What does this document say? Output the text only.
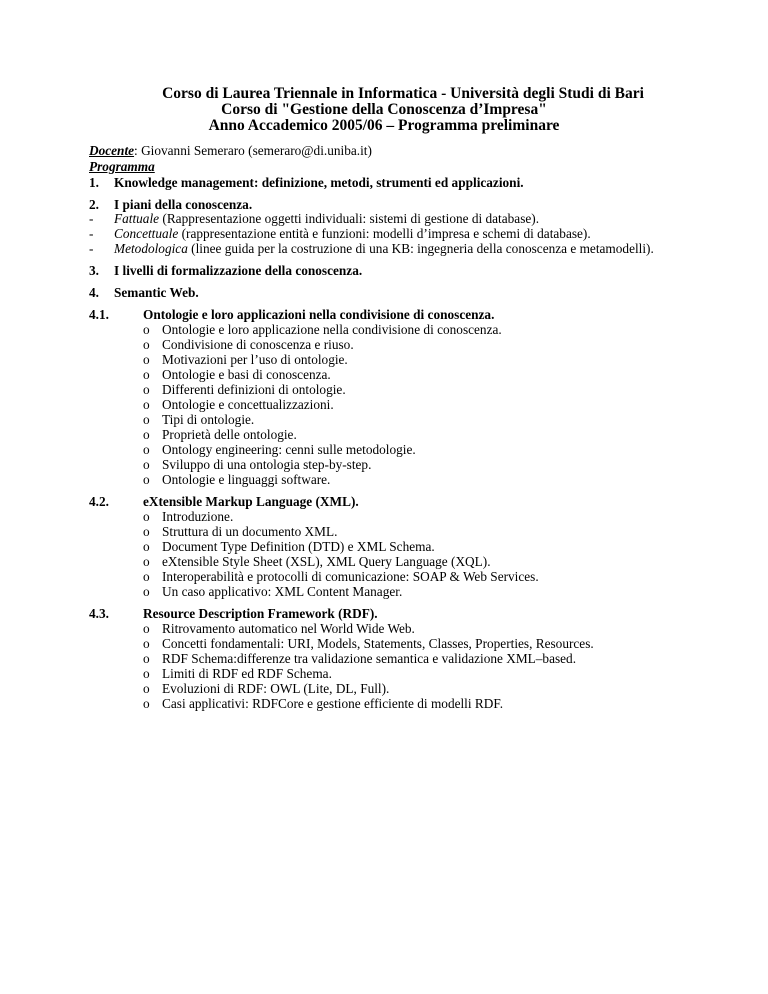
Corso di Laurea Triennale in Informatica - Università degli Studi di Bari
Corso di "Gestione della Conoscenza d’Impresa"
Anno Accademico 2005/06 – Programma preliminare
Docente: Giovanni Semeraro (semeraro@di.uniba.it)
Programma
1. Knowledge management: definizione, metodi, strumenti ed applicazioni.
2. I piani della conoscenza.
- Fattuale (Rappresentazione oggetti individuali: sistemi di gestione di database).
- Concettuale (rappresentazione entità e funzioni: modelli d’impresa e schemi di database).
- Metodologica (linee guida per la costruzione di una KB: ingegneria della conoscenza e metamodelli).
3. I livelli di formalizzazione della conoscenza.
4. Semantic Web.
4.1.	Ontologie e loro applicazioni nella condivisione di conoscenza.
o Ontologie e loro applicazione nella condivisione di conoscenza.
o Condivisione di conoscenza e riuso.
o Motivazioni per l’uso di ontologie.
o Ontologie e basi di conoscenza.
o Differenti definizioni di ontologie.
o Ontologie e concettualizzazioni.
o Tipi di ontologie.
o Proprietà delle ontologie.
o Ontology engineering: cenni sulle metodologie.
o Sviluppo di una ontologia step-by-step.
o Ontologie e linguaggi software.
4.2.	eXtensible Markup Language (XML).
o Introduzione.
o Struttura di un documento XML.
o Document Type Definition (DTD) e XML Schema.
o eXtensible Style Sheet (XSL), XML Query Language (XQL).
o Interoperabilità e protocolli di comunicazione: SOAP & Web Services.
o Un caso applicativo: XML Content Manager.
4.3.	Resource Description Framework (RDF).
o Ritrovamento automatico nel World Wide Web.
o Concetti fondamentali: URI, Models, Statements, Classes, Properties, Resources.
o RDF Schema:differenze tra validazione semantica e validazione XML–based.
o Limiti di RDF ed RDF Schema.
o Evoluzioni di RDF: OWL (Lite, DL, Full).
o Casi applicativi: RDFCore e gestione efficiente di modelli RDF.
